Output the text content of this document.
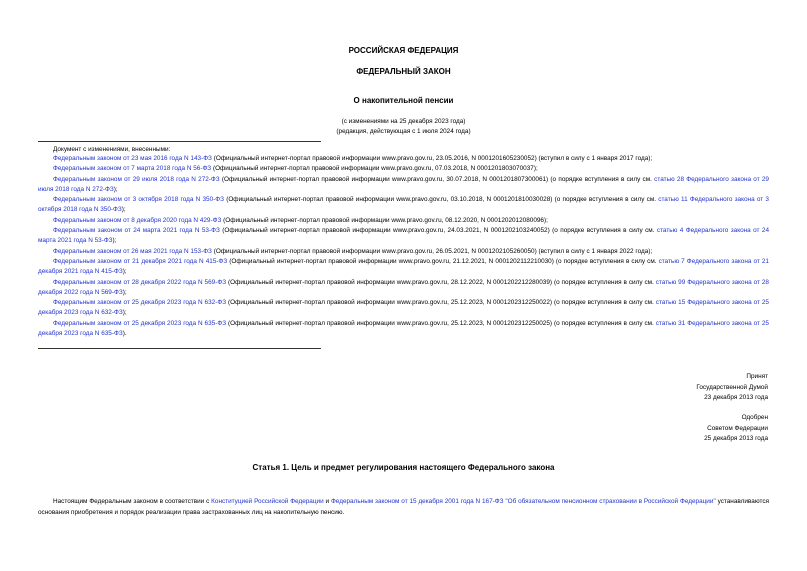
РОССИЙСКАЯ ФЕДЕРАЦИЯ
ФЕДЕРАЛЬНЫЙ ЗАКОН
О накопительной пенсии
(с изменениями на 25 декабря 2023 года)
(редакция, действующая с 1 июля 2024 года)
Документ с изменениями, внесенными:
Федеральным законом от 23 мая 2016 года N 143-ФЗ (Официальный интернет-портал правовой информации www.pravo.gov.ru, 23.05.2016, N 0001201605230052) (вступил в силу с 1 января 2017 года);
Федеральным законом от 7 марта 2018 года N 56-ФЗ (Официальный интернет-портал правовой информации www.pravo.gov.ru, 07.03.2018, N 0001201803070037);
Федеральным законом от 29 июля 2018 года N 272-ФЗ (Официальный интернет-портал правовой информации www.pravo.gov.ru, 30.07.2018, N 0001201807300061) (о порядке вступления в силу см. статью 28 Федерального закона от 29 июля 2018 года N 272-ФЗ);
Федеральным законом от 3 октября 2018 года N 350-ФЗ (Официальный интернет-портал правовой информации www.pravo.gov.ru, 03.10.2018, N 0001201810030028) (о порядке вступления в силу см. статью 11 Федерального закона от 3 октября 2018 года N 350-ФЗ);
Федеральным законом от 8 декабря 2020 года N 429-ФЗ (Официальный интернет-портал правовой информации www.pravo.gov.ru, 08.12.2020, N 0001202012080096);
Федеральным законом от 24 марта 2021 года N 53-ФЗ (Официальный интернет-портал правовой информации www.pravo.gov.ru, 24.03.2021, N 0001202103240052) (о порядке вступления в силу см. статью 4 Федерального закона от 24 марта 2021 года N 53-ФЗ);
Федеральным законом от 26 мая 2021 года N 153-ФЗ (Официальный интернет-портал правовой информации www.pravo.gov.ru, 26.05.2021, N 0001202105260050) (вступил в силу с 1 января 2022 года);
Федеральным законом от 21 декабря 2021 года N 415-ФЗ (Официальный интернет-портал правовой информации www.pravo.gov.ru, 21.12.2021, N 0001202112210030) (о порядке вступления в силу см. статью 7 Федерального закона от 21 декабря 2021 года N 415-ФЗ);
Федеральным законом от 28 декабря 2022 года N 569-ФЗ (Официальный интернет-портал правовой информации www.pravo.gov.ru, 28.12.2022, N 0001202212280039) (о порядке вступления в силу см. статью 99 Федерального закона от 28 декабря 2022 года N 569-ФЗ);
Федеральным законом от 25 декабря 2023 года N 632-ФЗ (Официальный интернет-портал правовой информации www.pravo.gov.ru, 25.12.2023, N 0001202312250022) (о порядке вступления в силу см. статью 15 Федерального закона от 25 декабря 2023 года N 632-ФЗ);
Федеральным законом от 25 декабря 2023 года N 635-ФЗ (Официальный интернет-портал правовой информации www.pravo.gov.ru, 25.12.2023, N 0001202312250025) (о порядке вступления в силу см. статью 31 Федерального закона от 25 декабря 2023 года N 635-ФЗ).
Принят
Государственной Думой
23 декабря 2013 года
Одобрен
Советом Федерации
25 декабря 2013 года
Статья 1. Цель и предмет регулирования настоящего Федерального закона

Настоящим Федеральным законом в соответствии с Конституцией Российской Федерации и Федеральным законом от 15 декабря 2001 года N 167-ФЗ "Об обязательном пенсионном страховании в Российской Федерации" устанавливаются основания приобретения и порядок реализации права застрахованных лиц на накопительную пенсию.
